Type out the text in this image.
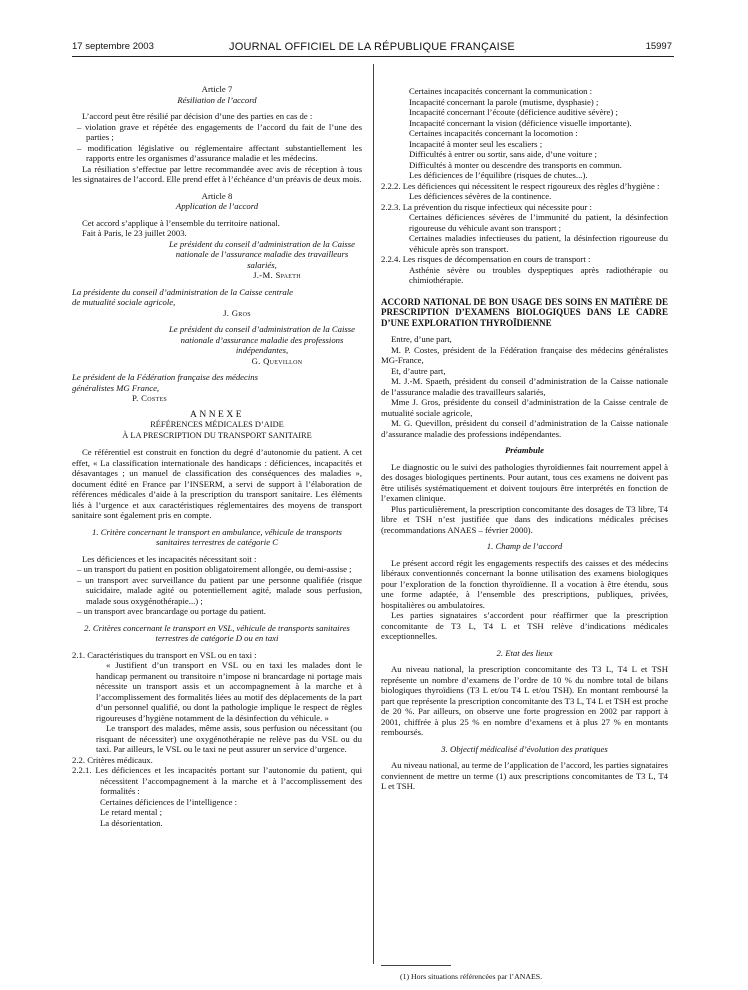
17 septembre 2003	JOURNAL OFFICIEL DE LA RÉPUBLIQUE FRANÇAISE	15997

Article 7

Résiliation de l’accord

L’accord peut être résilié par décision d’une des parties en cas de :

– violation grave et répétée des engagements de l’accord du fait de l’une des parties ;

– modification législative ou réglementaire affectant substantiellement les rapports entre les organismes d’assurance maladie et les médecins.

La résiliation s’effectue par lettre recommandée avec avis de réception à tous les signataires de l’accord. Elle prend effet à l’échéance d’un préavis de deux mois.

Article 8

Application de l’accord

Cet accord s’applique à l’ensemble du territoire national.

Fait à Paris, le 23 juillet 2003.

Le président du conseil d’administration de la Caisse nationale de l’assurance maladie des travailleurs salariés,

J.-M. Spaeth

La présidente du conseil d’administration de la Caisse centrale de mutualité sociale agricole,

J. Gros

Le président du conseil d’administration de la Caisse nationale d’assurance maladie des professions indépendantes,

G. Quevillon

Le président de la Fédération française des médecins généralistes MG France,

P. Costes

ANNEXE

RÉFÉRENCES MÉDICALES D’AIDE

À LA PRESCRIPTION DU TRANSPORT SANITAIRE

Ce référentiel est construit en fonction du degré d’autonomie du patient. A cet effet, « La classification internationale des handicaps : déficiences, incapacités et désavantages ; un manuel de classification des conséquences des maladies », document édité en France par l’INSERM, a servi de support à l’élaboration de références médicales d’aide à la prescription du transport sanitaire. Les éléments liés à l’urgence et aux caractéristiques réglementaires des moyens de transport sanitaire sont également pris en compte.

1. Critère concernant le transport en ambulance, véhicule de transports sanitaires terrestres de catégorie C

Les déficiences et les incapacités nécessitant soit :

– un transport du patient en position obligatoirement allongée, ou demi-assise ;

– un transport avec surveillance du patient par une personne qualifiée (risque suicidaire, malade agité ou potentiellement agité, malade sous perfusion, malade sous oxygénothérapie...) ;

– un transport avec brancardage ou portage du patient.

2. Critères concernant le transport en VSL, véhicule de transports sanitaires terrestres de catégorie D ou en taxi

2.1. Caractéristiques du transport en VSL ou en taxi :

« Justifient d’un transport en VSL ou en taxi les malades dont le handicap permanent ou transitoire n’impose ni brancardage ni portage mais nécessite un transport assis et un accompagnement à la marche et à l’accomplissement des formalités liées au motif des déplacements de la part d’un personnel qualifié, ou dont la pathologie implique le respect de règles rigoureuses d’hygiène notamment de la désinfection du véhicule. »

Le transport des malades, même assis, sous perfusion ou nécessitant (ou risquant de nécessiter) une oxygénothérapie ne relève pas du VSL ou du taxi. Par ailleurs, le VSL ou le taxi ne peut assurer un service d’urgence.

2.2. Critères médicaux.

2.2.1. Les déficiences et les incapacités portant sur l’autonomie du patient, qui nécessitent l’accompagnement à la marche et à l’accomplissement des formalités :

Certaines déficiences de l’intelligence :

Le retard mental ;

La désorientation.

Certaines incapacités concernant la communication :

Incapacité concernant la parole (mutisme, dysphasie) ;

Incapacité concernant l’écoute (déficience auditive sévère) ;

Incapacité concernant la vision (déficience visuelle importante).

Certaines incapacités concernant la locomotion :

Incapacité à monter seul les escaliers ;

Difficultés à entrer ou sortir, sans aide, d’une voiture ;

Difficultés à monter ou descendre des transports en commun.

Les déficiences de l’équilibre (risques de chutes...).

2.2.2. Les déficiences qui nécessitent le respect rigoureux des règles d’hygiène :

Les déficiences sévères de la continence.

2.2.3. La prévention du risque infectieux qui nécessite pour :

Certaines déficiences sévères de l’immunité du patient, la désinfection rigoureuse du véhicule avant son transport ;

Certaines maladies infectieuses du patient, la désinfection rigoureuse du véhicule après son transport.

2.2.4. Les risques de décompensation en cours de transport :

Asthénie sévère ou troubles dyspeptiques après radiothérapie ou chimiothérapie.

ACCORD NATIONAL DE BON USAGE DES SOINS EN MATIÈRE DE PRESCRIPTION D’EXAMENS BIOLOGIQUES DANS LE CADRE D’UNE EXPLORATION THYROÏDIENNE

Entre, d’une part,

M. P. Costes, président de la Fédération française des médecins généralistes MG-France,

Et, d’autre part,

M. J.-M. Spaeth, président du conseil d’administration de la Caisse nationale de l’assurance maladie des travailleurs salariés,

Mme J. Gros, présidente du conseil d’administration de la Caisse centrale de mutualité sociale agricole,

M. G. Quevillon, président du conseil d’administration de la Caisse nationale d’assurance maladie des professions indépendantes.

Préambule

Le diagnostic ou le suivi des pathologies thyroïdiennes fait nourrement appel à des dosages biologiques pertinents. Pour autant, tous ces examens ne doivent pas être utilisés systématiquement et doivent toujours être interprétés en fonction de l’examen clinique.

Plus particulièrement, la prescription concomitante des dosages de T3 libre, T4 libre et TSH n’est justifiée que dans des indications médicales précises (recommandations ANAES – février 2000).

1. Champ de l’accord

Le présent accord régit les engagements respectifs des caisses et des médecins libéraux conventionnés concernant la bonne utilisation des examens biologiques pour l’exploration de la fonction thyroïdienne. Il a vocation à être étendu, sous une forme adaptée, à l’ensemble des prescriptions, publiques, privées, hospitalières ou ambulatoires.

Les parties signataires s’accordent pour réaffirmer que la prescription concomitante de T3 L, T4 L et TSH relève d’indications médicales exceptionnelles.

2. Etat des lieux

Au niveau national, la prescription concomitante des T3 L, T4 L et TSH représente un nombre d’examens de l’ordre de 10 % du nombre total de bilans biologiques thyroïdiens (T3 L et/ou T4 L et/ou TSH). En montant remboursé la part que représente la prescription concomitante des T3 L, T4 L et TSH est proche de 20 %. Par ailleurs, on observe une forte progression en 2002 par rapport à 2001, chiffrée à plus 25 % en nombre d’examens et à plus 27 % en montants remboursés.

3. Objectif médicalisé d’évolution des pratiques

Au niveau national, au terme de l’application de l’accord, les parties signataires conviennent de mettre un terme (1) aux prescriptions concomitantes de T3 L, T4 L et TSH.

(1) Hors situations référencées par l’ANAES.
